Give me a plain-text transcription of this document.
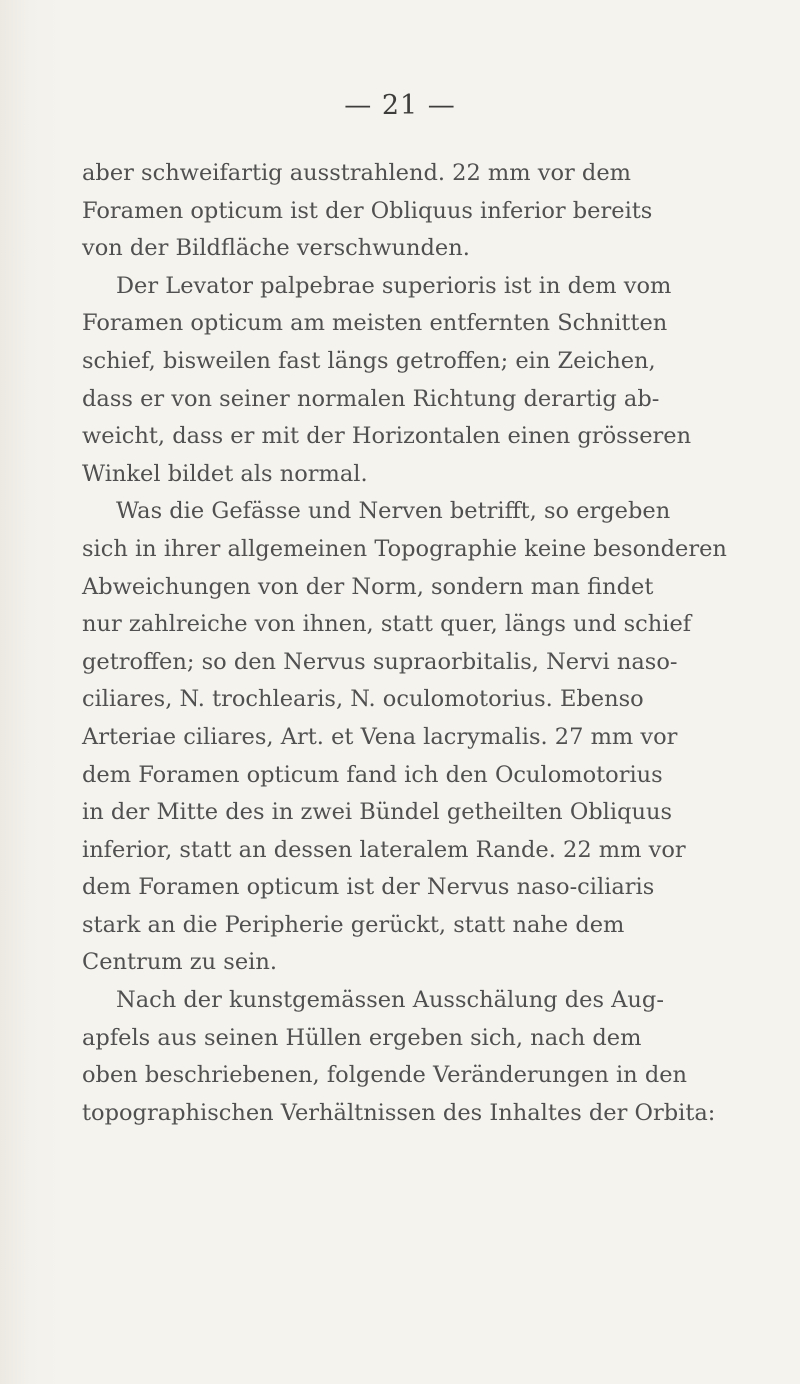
— 21 —

aber schweifartig ausstrahlend. 22 mm vor dem
Foramen opticum ist der Obliquus inferior bereits
von der Bildfläche verschwunden.

Der Levator palpebrae superioris ist in dem vom
Foramen opticum am meisten entfernten Schnitten
schief, bisweilen fast längs getroffen; ein Zeichen,
dass er von seiner normalen Richtung derartig ab-
weicht, dass er mit der Horizontalen einen grösseren
Winkel bildet als normal.

Was die Gefässe und Nerven betrifft, so ergeben
sich in ihrer allgemeinen Topographie keine besonderen
Abweichungen von der Norm, sondern man findet
nur zahlreiche von ihnen, statt quer, längs und schief
getroffen; so den Nervus supraorbitalis, Nervi naso-
ciliares, N. trochlearis, N. oculomotorius. Ebenso
Arteriae ciliares, Art. et Vena lacrymalis. 27 mm vor
dem Foramen opticum fand ich den Oculomotorius
in der Mitte des in zwei Bündel getheilten Obliquus
inferior, statt an dessen lateralem Rande. 22 mm vor
dem Foramen opticum ist der Nervus naso-ciliaris
stark an die Peripherie gerückt, statt nahe dem
Centrum zu sein.

Nach der kunstgemässen Ausschälung des Aug-
apfels aus seinen Hüllen ergeben sich, nach dem
oben beschriebenen, folgende Veränderungen in den
topographischen Verhältnissen des Inhaltes der Orbita:
